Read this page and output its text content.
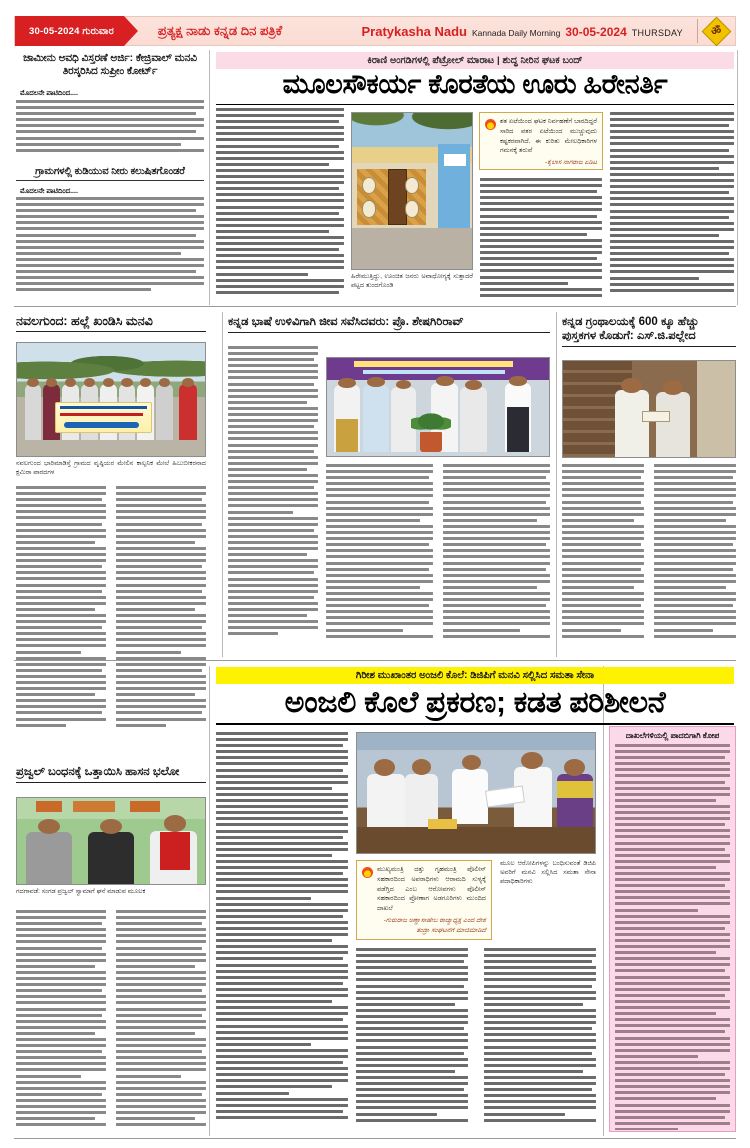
30-05-2024 ಗುರುವಾರ	ಪ್ರತ್ಯಕ್ಷ ನಾಡು ಕನ್ನಡ ದಿನ ಪತ್ರಿಕೆ	Pratykasha Nadu Kannada Daily Morning 30-05-2024 THURSDAY	ॐ
ಜಾಮೀನು ಅವಧಿ ವಿಸ್ತರಣೆ ಅರ್ಜಿ: ಕೇಜ್ರಿವಾಲ್ ಮನವಿ ತಿರಸ್ಕರಿಸಿದ ಸುಪ್ರೀಂ ಕೋರ್ಟ್
ಮೊದಲನೇ ಪಾಟಿದಿಂದ....
ಗ್ರಾಮಗಳಲ್ಲಿ ಕುಡಿಯುವ ನೀರು ಕಲುಷಿತಗೊಂಡರೆ
ಮೊದಲನೇ ಪಾಟಿದಿಂದ....
ಕಿರಾಣಿ ಅಂಗಡಿಗಳಲ್ಲಿ ಪೆಟ್ರೋಲ್ ಮಾರಾಟ | ಶುದ್ಧ ನೀರಿನ ಘಟಕ ಬಂದ್
ಮೂಲಸೌಕರ್ಯ ಕೊರತೆಯ ಊರು ಹಿರೇನರ್ತಿ
ಹಿರೇಮುತ್ತಿದ್ದು, ಊಂಚಿತ ಜನರು ಅವಾಧೋಗ್ಯಕ್ಕೆ ಸುತ್ತಾದರೆ ಪಟ್ಟದ ತುಂದಗೊಂಡಿ
ಶತ ಏಟೆಯಿಂದ ಘಟಕ ನಿರ್ವಹಣೆಗೆ ಬಾರದಿದ್ದರೆ ಸಾರಿದ ಪತರ ಏಟೆಯಿಂದ ಮುಚ್ಚುವುದು ಕಷ್ಟಕರವಾಗಿದೆ. ಈ ಕುರಿತು ಮೇಲಧಿಕಾರಿಗಳ ಗಮನಕ್ಕೆ ತರುವೆ
-ಕೈಲಾಸ ನಾಗರಾಜ ಏಡಿಟ
ನವಲಗುಂದ: ಹಲ್ಲೆ ಖಂಡಿಸಿ ಮನವಿ
ನವಲಗುಂದ ಭಾರಿಮಾಡಿಸ್ತೆ ಗ್ರಾಮದ ವೃಷ್ಠಿಯರ ಮೇಲಿನ ಕಾಲ್ಪನಿಕ ಮೇಲೆ ಹಿಬುಬೀಕರನಾದ ಕ್ಷಮಿರಾ ಪಾರದಗಳ
ಕನ್ನಡ ಭಾಷೆ ಉಳಿವಿಗಾಗಿ ಜೀವ ಸವೆಸಿದವರು: ಪ್ರೊ. ಶೇಷಗಿರಿರಾವ್	ಕನ್ನಡ ಗ್ರಂಥಾಲಯಕ್ಕೆ 600 ಕ್ಕೂ ಹೆಚ್ಚು ಪುಸ್ತಕಗಳ ಕೊಡುಗೆ: ಎಸ್.ಜಿ.ಪಲ್ಲೇದ
ಗಿರೀಶ ಮುಖಾಂತರ ಅಂಜಲಿ ಕೊಲೆ: ಡಿಜಿಪಿಗೆ ಮನವಿ ಸಲ್ಲಿಸಿದ ಸಮತಾ ಸೇನಾ
ಅಂಜಲಿ ಕೊಲೆ ಪ್ರಕರಣ; ಕಡತ ಪರಿಶೀಲನೆ
ಮುಖ್ಯಮಂತ್ರಿ ದತ್ತು ಗೃಹಮಂತ್ರಿ ಪೊಲೀಸ್ ಸಹಕಾರದಿಂದ ಅಪರಾಧಿಗಳು ಆರಾಮದಿ ಸುಳ್ಯಕ್ಕೆ ಪಡೆಗ್ತಿದ ಎಂಬ ಆರೋಪಗಳು ಪೊಲೀಸ್ ಸಹಕಾರದಿಂದ ಪ್ರೋಣಾಗ ಅಡಗೂರಿಗಳು ಮುಂದಿದ ದಾಖಲೆ
-ಗುರುರಾಜ ಅಣ್ಣಾಸಾಹೇಬ ರಾಜ್ಯಾಧ್ಯಕ್ಷ ಎಂದ ದೇಶ ತಂಡ್ರಾ ಸಂಘಟನೆಗೆ ಮಾಜಿಮಾಡಿದೆ
ಮೂಲ ಆರೋಪಿಗಳನ್ನು ಬಂಧಿಸುವಂತೆ ಡಿಜಿಪಿ ಅವರಿಗೆ ಮನವಿ ಸಲ್ಲಿಸಿದ ಸಮತಾ ಸೇನಾ ಪದಾಧಿಕಾರಿಗಳು
ಪ್ರಜ್ವಲ್ ಬಂಧನಕ್ಕೆ ಒತ್ತಾಯಿಸಿ ಹಾಸನ ಭಲೋ
ಗದಗಾವಡೆ: ಸಂಗಡ ಪ್ರಜ್ವಲ್ ಸ್ವಾಮಾಗೆ ಘನೆ ಮಾಡುವ ಮೂಲಕ
ದಾಖಲೆಗಳಿಯಲ್ಲಿ ಪಾದಬಿಗಾಗಿ ಕೋಪ
